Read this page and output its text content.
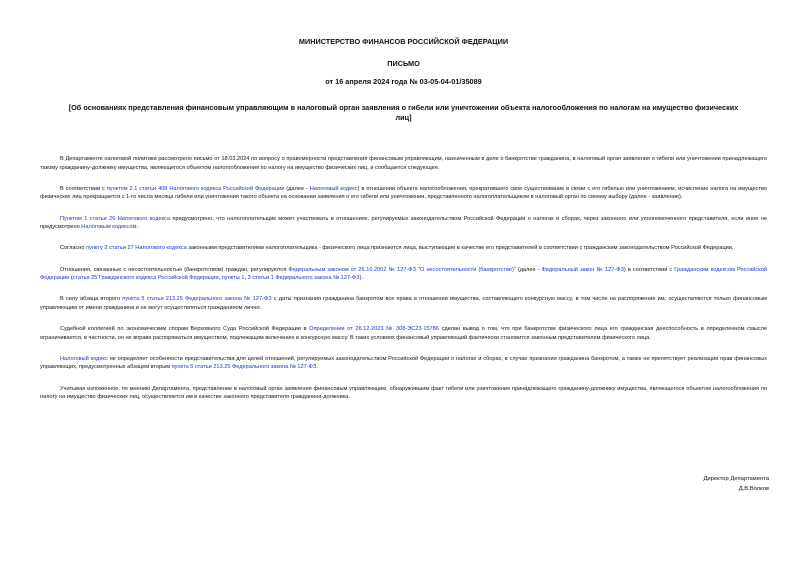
МИНИСТЕРСТВО ФИНАНСОВ РОССИЙСКОЙ ФЕДЕРАЦИИ
ПИСЬМО
от 16 апреля 2024 года № 03-05-04-01/35089
[Об основаниях представления финансовым управляющим в налоговый орган заявления о гибели или уничтожении объекта налогообложения по налогам на имущество физических лиц]

В Департаменте налоговой политики рассмотрено письмо от 18.03.2024 по вопросу о правомерности представления финансовым управляющим, назначенным в деле о банкротстве гражданина, в налоговый орган заявления о гибели или уничтожении принадлежащего такому гражданину-должнику имущества, являющегося объектом налогообложения по налогу на имущество физических лиц, и сообщается следующее.

В соответствии с пунктом 2.1 статьи 408 Налогового кодекса Российской Федерации (далее - Налоговый кодекс) в отношении объекта налогообложения, прекратившего свое существование в связи с его гибелью или уничтожением, исчисление налога на имущество физических лиц прекращается с 1-го числа месяца гибели или уничтожения такого объекта на основании заявления о его гибели или уничтожении, представленного налогоплательщиком в налоговый орган по своему выбору (далее - заявление).

Пунктом 1 статьи 26 Налогового кодекса предусмотрено, что налогоплательщик может участвовать в отношениях, регулируемых законодательством Российской Федерации о налогах и сборах, через законного или уполномоченного представителя, если иное не предусмотрено Налоговым кодексом.

Согласно пункту 2 статьи 27 Налогового кодекса законными представителями налогоплательщика - физического лица признаются лица, выступающие в качестве его представителей в соответствии с гражданским законодательством Российской Федерации.

Отношения, связанные с несостоятельностью (банкротством) граждан, регулируются Федеральным законом от 26.10.2002 № 127-ФЗ "О несостоятельности (банкротстве)" (далее - Федеральный закон № 127-ФЗ) в соответствии с Гражданским кодексом Российской Федерации (статья 25 Гражданского кодекса Российской Федерации, пункты 1, 3 статьи 1 Федерального закона № 127-ФЗ).

В силу абзаца второго пункта 5 статьи 213.25 Федерального закона № 127-ФЗ с даты признания гражданина банкротом все права в отношении имущества, составляющего конкурсную массу, в том числе на распоряжение им, осуществляются только финансовым управляющим от имени гражданина и не могут осуществляться гражданином лично.

Судебной коллегией по экономическим спорам Верховного Суда Российской Федерации в Определении от 26.12.2023 № 308-ЭС23-15786 сделан вывод о том, что при банкротстве физического лица его гражданская дееспособность в определенном смысле ограничивается, в частности, он не вправе распоряжаться имуществом, подлежащим включению в конкурсную массу. В таких условиях финансовый управляющий фактически становится законным представителем физического лица.

Налоговый кодекс не определяет особенности представительства для целей отношений, регулируемых законодательством Российской Федерации о налогах и сборах, в случае признания гражданина банкротом, а также не препятствует реализации прав финансовых управляющих, предусмотренных абзацем вторым пункта 5 статьи 213.25 Федерального закона № 127-ФЗ.

Учитывая изложенное, по мнению Департамента, представление в налоговый орган заявления финансовым управляющим, обнаружившим факт гибели или уничтожения принадлежащего гражданину-должнику имущества, являющегося объектом налогообложения по налогу на имущество физических лиц, осуществляется им в качестве законного представителя гражданина-должника.

Директор Департамента
Д.В.Волков
